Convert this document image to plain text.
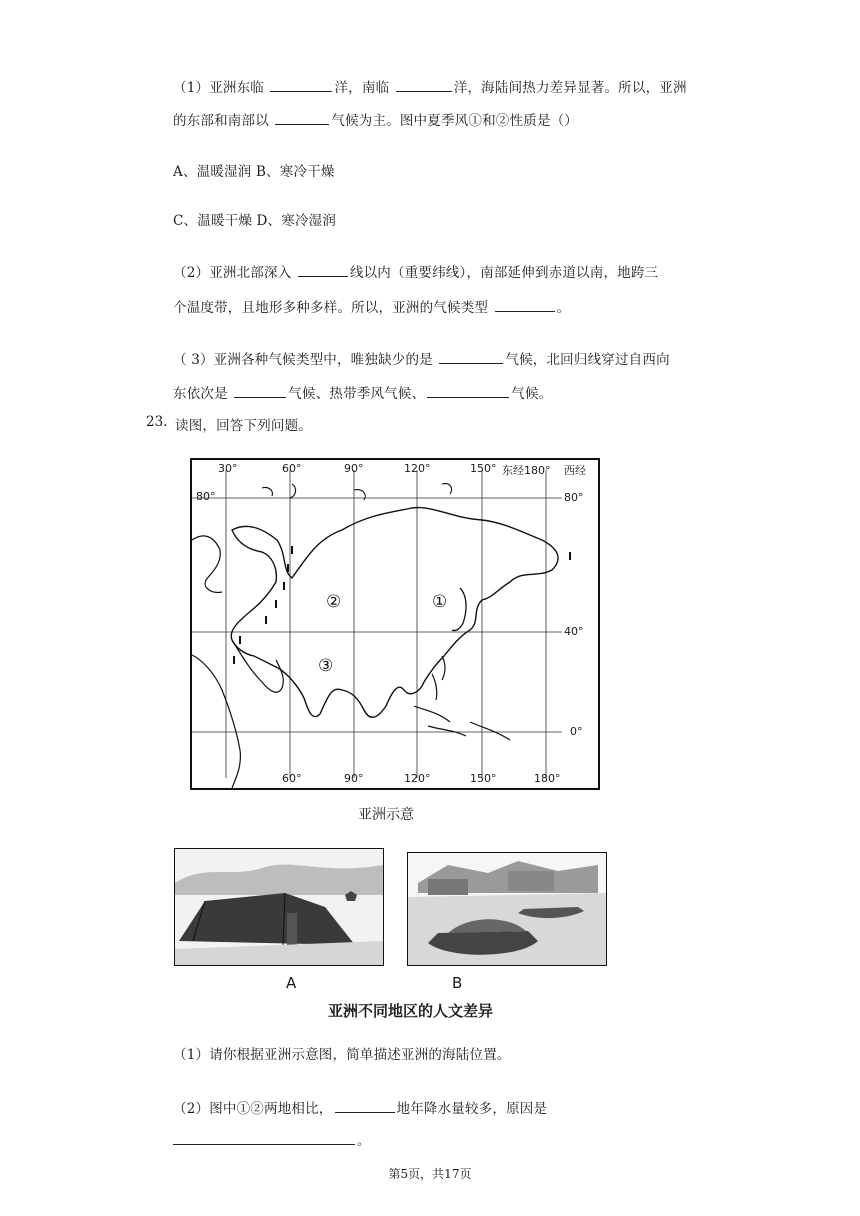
（1）亚洲东临	洋，南临	洋，海陆间热力差异显著。所以，亚洲
的东部和南部以	气候为主。图中夏季风①和②性质是（）
A、温暖湿润 B、寒冷干燥
C、温暖干燥 D、寒冷湿润
（2）亚洲北部深入	线以内（重要纬线），南部延伸到赤道以南，地跨三
个温度带，且地形多种多样。所以，亚洲的气候类型	。
（ 3）亚洲各种气候类型中，唯独缺少的是	气候，北回归线穿过自西向
东依次是	气候、热带季风气候、	气候。
23. 读图，回答下列问题。
30°	60°	90°	120°	150° 东经180° 西经
80°	80°
40°
0°
60°	90°	120°	150°	180°
①
②
③
亚洲示意
A	B
亚洲不同地区的人文差异
（1）请你根据亚洲示意图，简单描述亚洲的海陆位置。
（2）图中①②两地相比，	地年降水量较多，原因是
。
第5页，共17页
